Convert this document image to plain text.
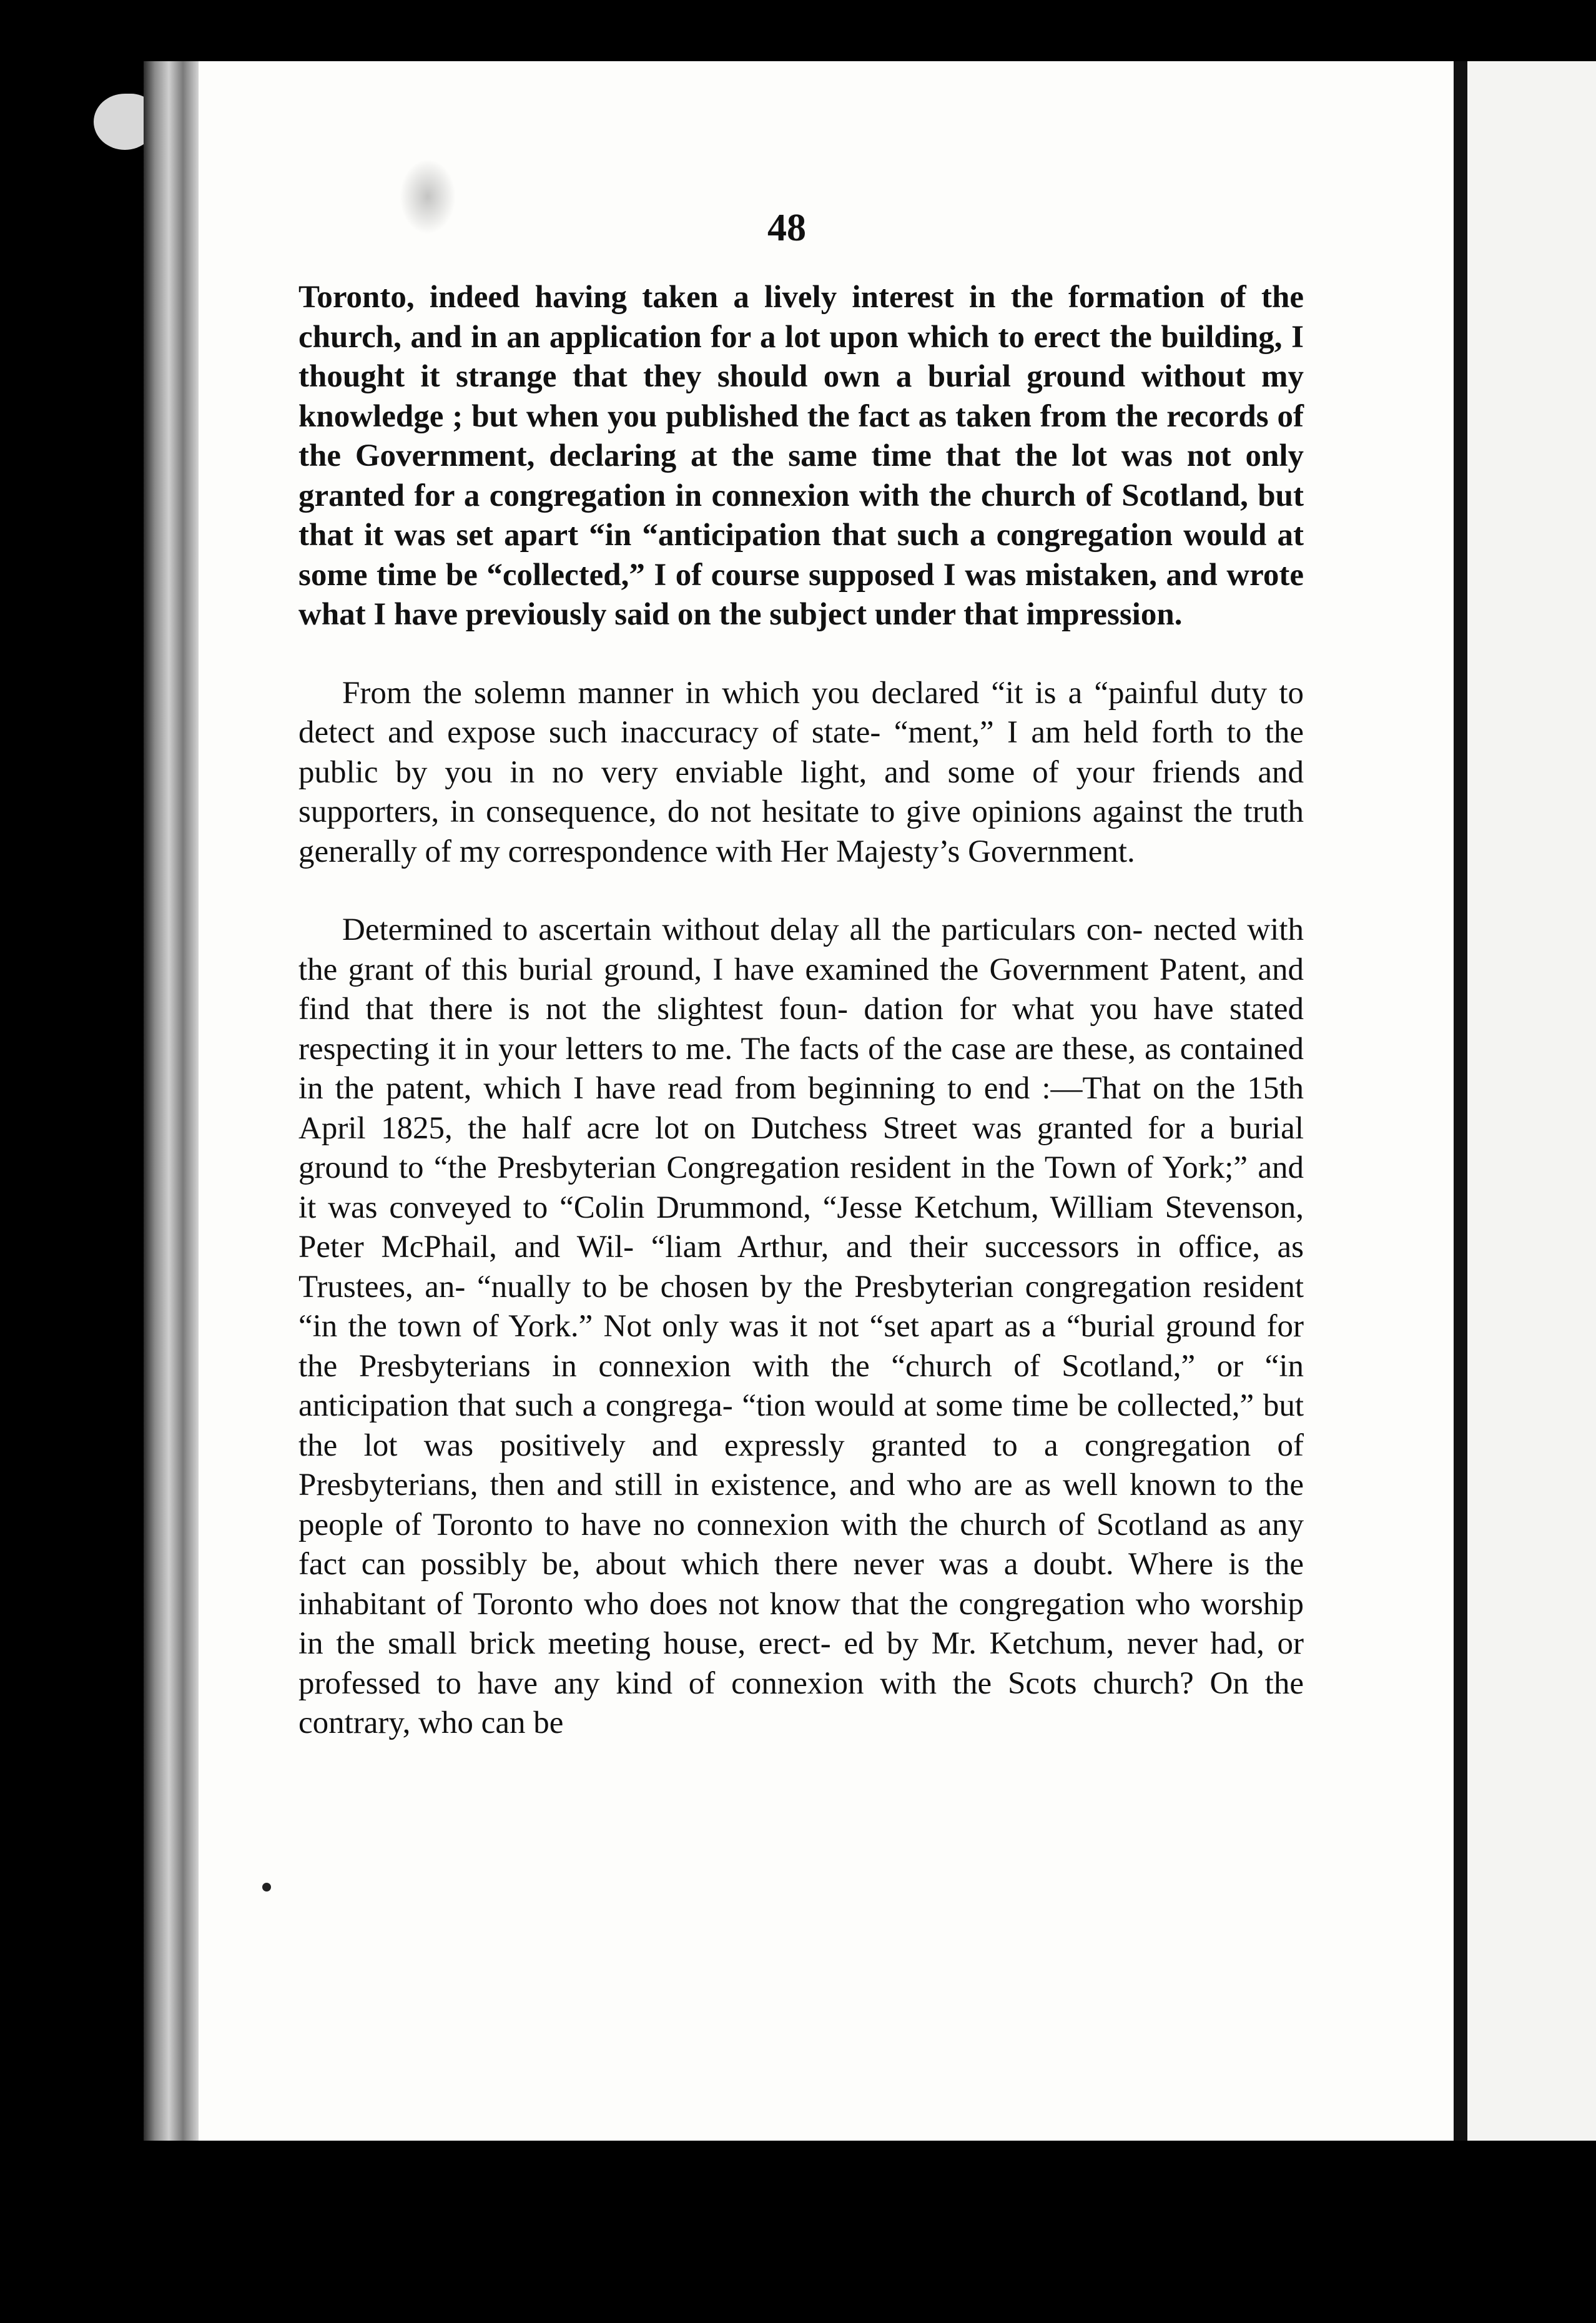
48

Toronto, indeed having taken a lively interest in the formation of the church, and in an application for a lot upon which to erect the building, I thought it strange that they should own a burial ground without my knowledge ; but when you published the fact as taken from the records of the Government, declaring at the same time that the lot was not only granted for a congregation in connexion with the church of Scotland, but that it was set apart “in “anticipation that such a congregation would at some time be “collected,” I of course supposed I was mistaken, and wrote what I have previously said on the subject under that impression.

From the solemn manner in which you declared “it is a “painful duty to detect and expose such inaccuracy of state- “ment,” I am held forth to the public by you in no very enviable light, and some of your friends and supporters, in consequence, do not hesitate to give opinions against the truth generally of my correspondence with Her Majesty’s Government.

Determined to ascertain without delay all the particulars con- nected with the grant of this burial ground, I have examined the Government Patent, and find that there is not the slightest foun- dation for what you have stated respecting it in your letters to me. The facts of the case are these, as contained in the patent, which I have read from beginning to end :—That on the 15th April 1825, the half acre lot on Dutchess Street was granted for a burial ground to “the Presbyterian Congregation resident in the Town of York;” and it was conveyed to “Colin Drummond, “Jesse Ketchum, William Stevenson, Peter McPhail, and Wil- “liam Arthur, and their successors in office, as Trustees, an- “nually to be chosen by the Presbyterian congregation resident “in the town of York.” Not only was it not “set apart as a “burial ground for the Presbyterians in connexion with the “church of Scotland,” or “in anticipation that such a congrega- “tion would at some time be collected,” but the lot was positively and expressly granted to a congregation of Presbyterians, then and still in existence, and who are as well known to the people of Toronto to have no connexion with the church of Scotland as any fact can possibly be, about which there never was a doubt. Where is the inhabitant of Toronto who does not know that the congregation who worship in the small brick meeting house, erect- ed by Mr. Ketchum, never had, or professed to have any kind of connexion with the Scots church? On the contrary, who can be
